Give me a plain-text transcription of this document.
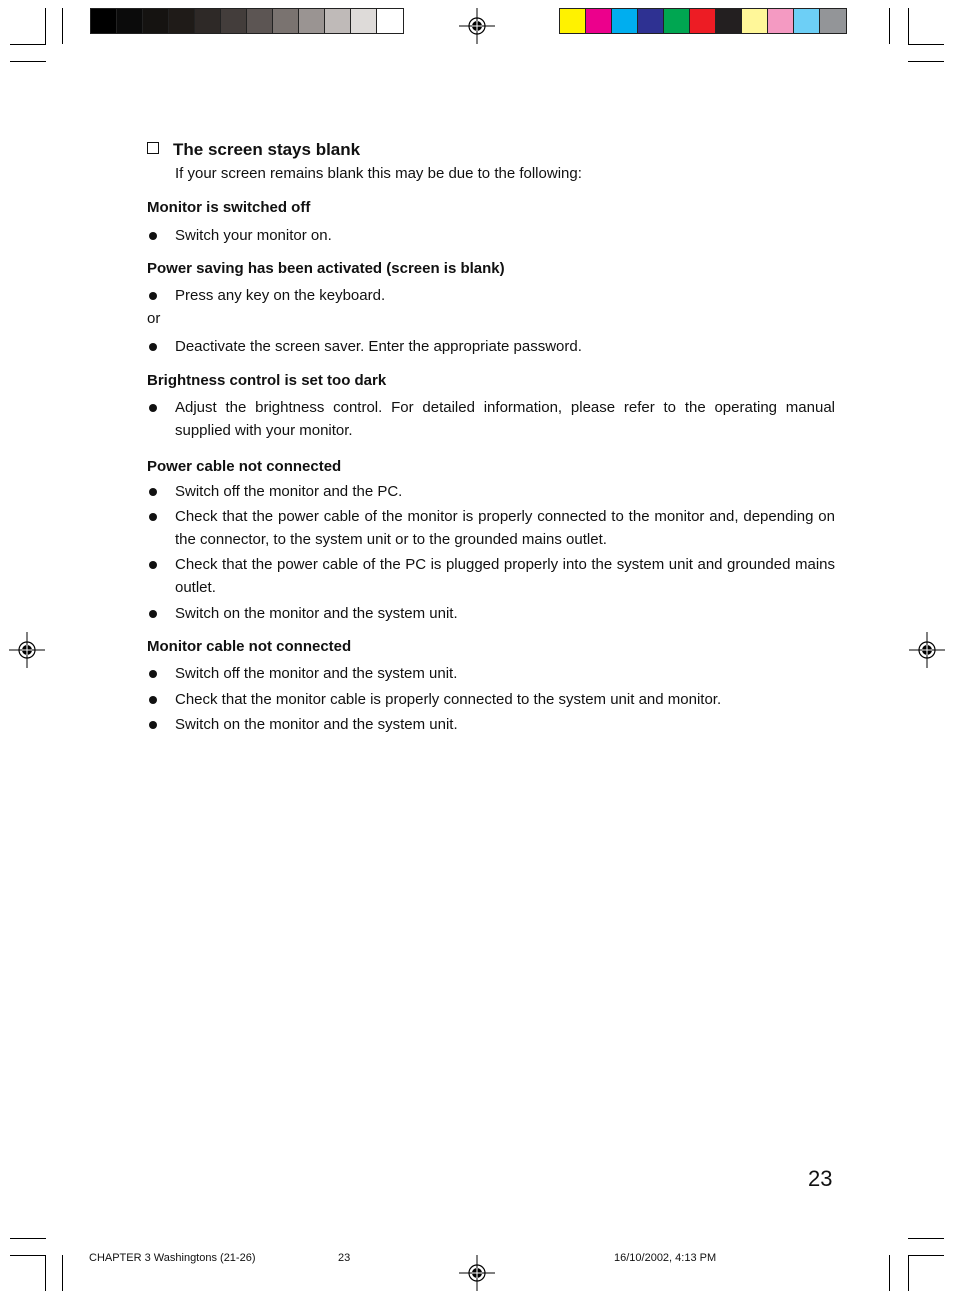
The screen stays blank
If your screen remains blank this may be due to the following:
Monitor is switched off
Switch your monitor on.
Power saving has been activated (screen is blank)
Press any key on the keyboard.
or
Deactivate the screen saver. Enter the appropriate password.
Brightness control is set too dark
Adjust the brightness control. For detailed information, please refer to the operating manual supplied with your monitor.
Power cable not connected
Switch off the monitor and the PC.
Check that the power cable of the monitor is properly connected to the monitor and, depending on the connector, to the system unit or to the grounded mains outlet.
Check that the power cable of the PC is plugged properly into the system unit and grounded mains outlet.
Switch on the monitor and the system unit.
Monitor cable not connected
Switch off the monitor and the system unit.
Check that the monitor cable is properly connected to the system unit and monitor.
Switch on the monitor and the system unit.
23
CHAPTER 3 Washingtons (21-26)	23	16/10/2002, 4:13 PM
